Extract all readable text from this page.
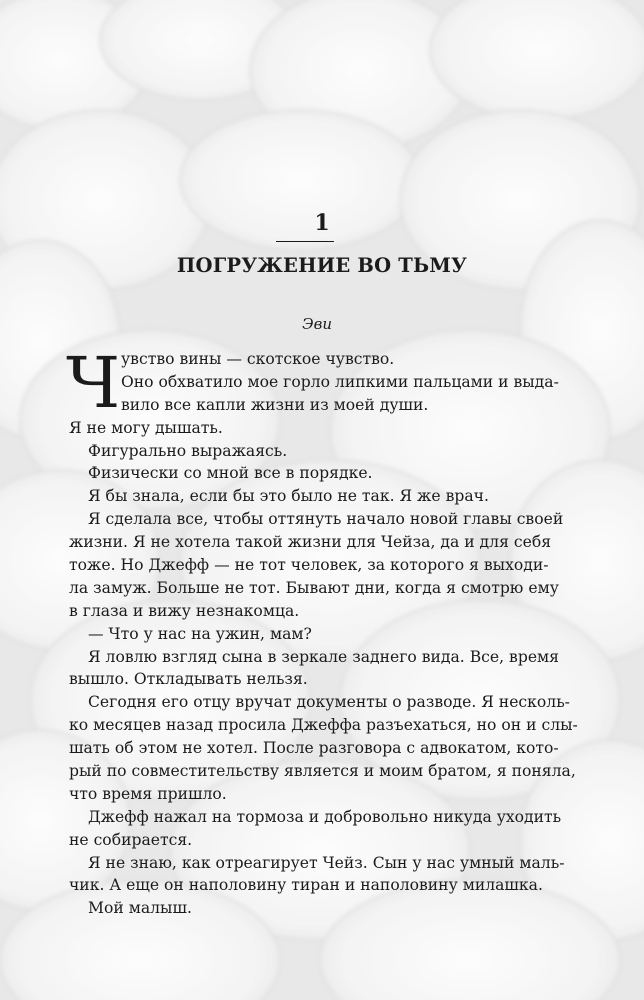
1
ПОГРУЖЕНИЕ ВО ТЬМУ

Эви

Ч увство вины — скотское чувство.
Оно обхватило мое горло липкими пальцами и выда-
вило все капли жизни из моей души.
Я не могу дышать.
Фигурально выражаясь.
Физически со мной все в порядке.
Я бы знала, если бы это было не так. Я же врач.
Я сделала все, чтобы оттянуть начало новой главы своей
жизни. Я не хотела такой жизни для Чейза, да и для себя
тоже. Но Джефф — не тот человек, за которого я выходи-
ла замуж. Больше не тот. Бывают дни, когда я смотрю ему
в глаза и вижу незнакомца.
— Что у нас на ужин, мам?
Я ловлю взгляд сына в зеркале заднего вида. Все, время
вышло. Откладывать нельзя.
Сегодня его отцу вручат документы о разводе. Я несколь-
ко месяцев назад просила Джеффа разъехаться, но он и слы-
шать об этом не хотел. После разговора с адвокатом, кото-
рый по совместительству является и моим братом, я поняла,
что время пришло.
Джефф нажал на тормоза и добровольно никуда уходить
не собирается.
Я не знаю, как отреагирует Чейз. Сын у нас умный маль-
чик. А еще он наполовину тиран и наполовину милашка.
Мой малыш.
